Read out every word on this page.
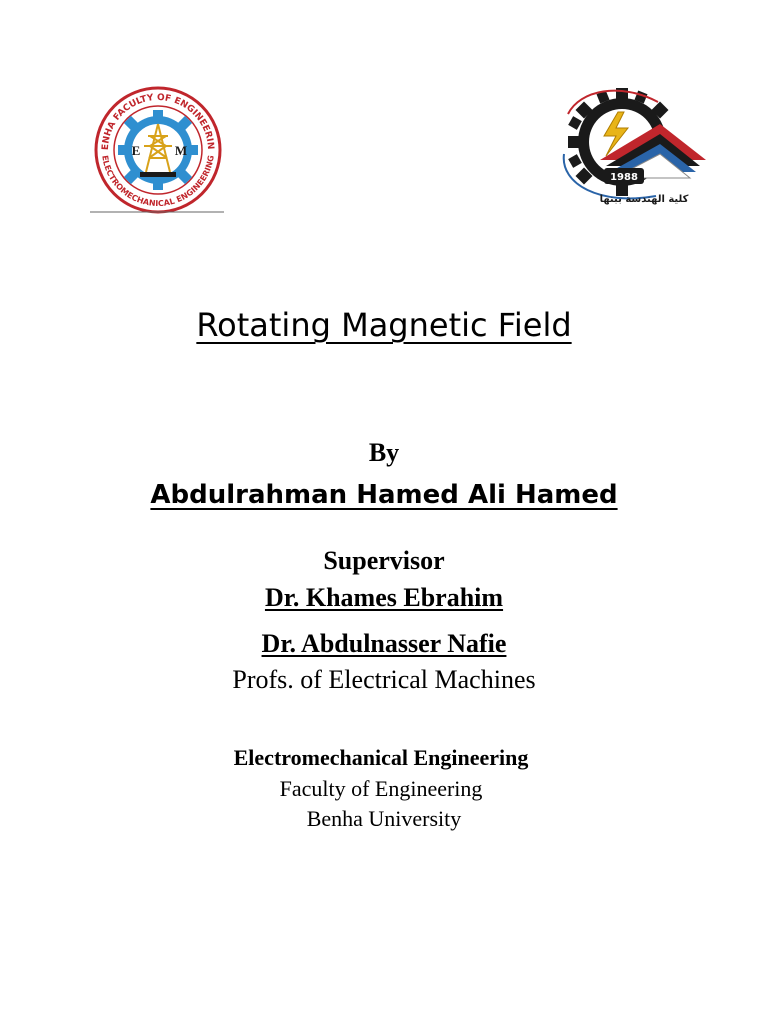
ENHA FACULTY OF ENGINEERIN
ELECTROMECHANICAL ENGINEERING
E	M
1988
كلية الهندسة ببنها
Rotating Magnetic Field
By
Abdulrahman Hamed Ali Hamed
Supervisor
Dr. Khames Ebrahim
Dr. Abdulnasser Nafie
Profs. of Electrical Machines
Electromechanical Engineering
Faculty of Engineering
Benha University
